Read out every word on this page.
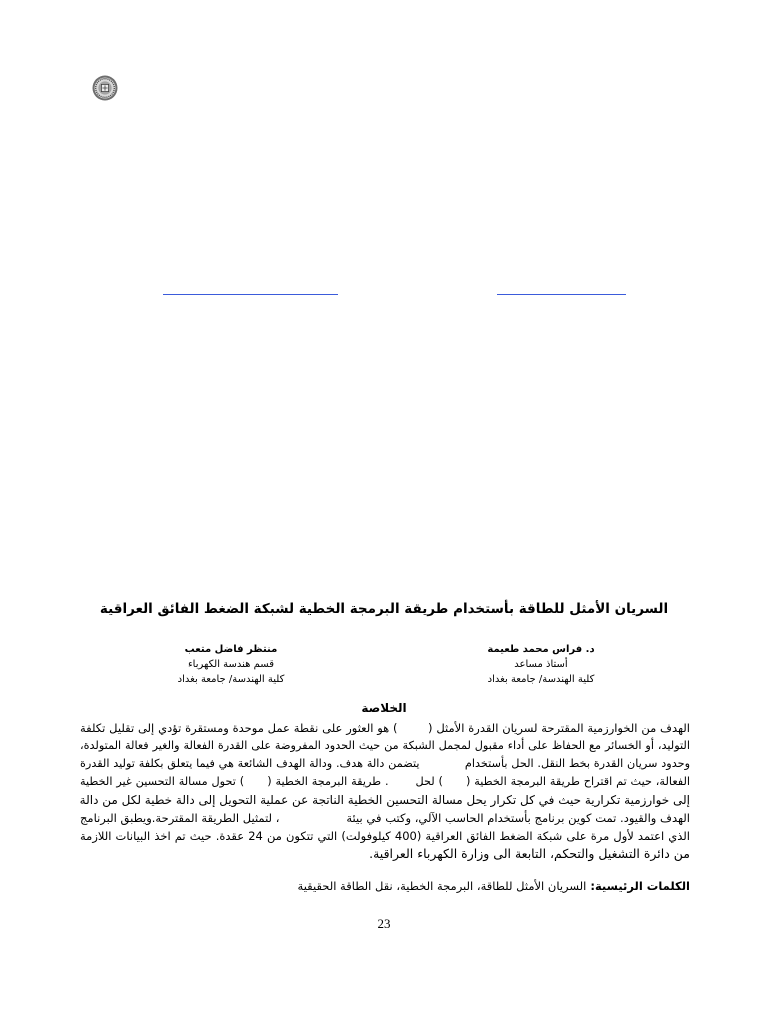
السريان الأمثل للطاقة بأستخدام طريقة البرمجة الخطية لشبكة الضغط الفائق العراقية
د. فراس محمد طعيمة
أستاذ مساعد
كلية الهندسة/ جامعة بغداد
منتظر فاضل متعب
قسم هندسة الكهرباء
كلية الهندسة/ جامعة بغداد
الخلاصة
الهدف من الخوارزمية المقترحة لسريان القدرة الأمثل (        ) هو العثور على نقطة عمل موحدة ومستقرة تؤدي إلى تقليل تكلفة
التوليد، أو الخسائر مع الحفاظ على أداء مقبول لمجمل الشبكة من حيث الحدود المفروضة على القدرة الفعالة والغير فعالة المتولدة،
وحدود سريان القدرة بخط النقل. الحل بأستخدام            يتضمن دالة هدف. ودالة الهدف الشائعة هي فيما يتعلق بكلفة توليد القدرة
الفعالة، حيث تم اقتراح طريقة البرمجة الخطية (      ) لحل       . طريقة البرمجة الخطية (      ) تحول مسالة التحسين غير الخطية
إلى خوارزمية تكرارية حيث في كل تكرار يحل مسالة التحسين الخطية الناتجة عن عملية التحويل إلى دالة خطية لكل من دالة
الهدف والقيود. تمت كوين برنامج بأستخدام الحاسب الآلي، وكتب في بيئة                  ، لتمثيل الطريقة المقترحة.ويطبق البرنامج
الذي اعتمد لأول مرة على شبكة الضغط الفائق العراقية (400 كيلوفولت) التي تتكون من 24 عقدة. حيث تم اخذ البيانات اللازمة
من دائرة التشغيل والتحكم، التابعة الى وزارة الكهرباء العراقية.
الكلمات الرئيسية:السريان الأمثل للطاقة، البرمجة الخطية، نقل الطاقة الحقيقية
23
